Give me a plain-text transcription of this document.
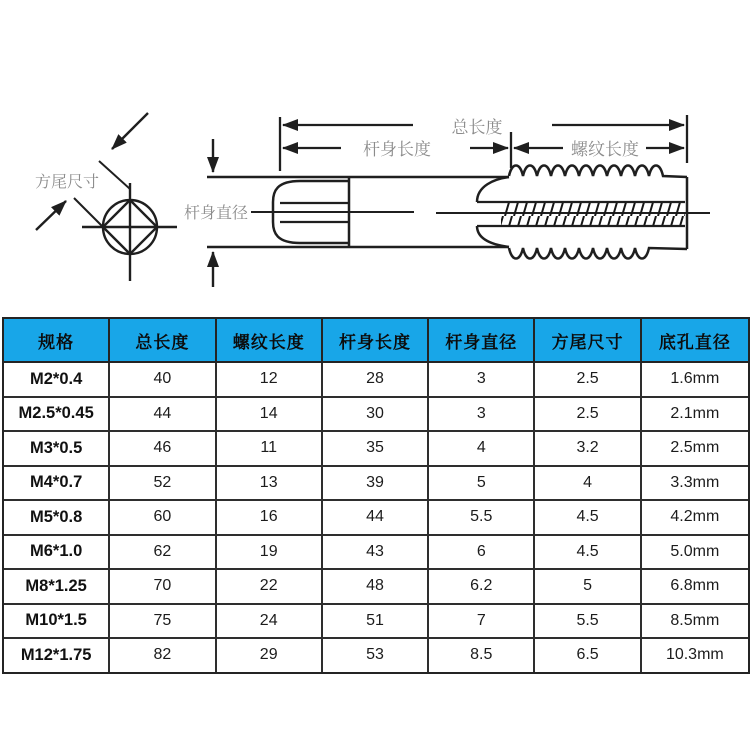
方尾尺寸
杆身直径
总长度
杆身长度	螺纹长度
规格	总长度	螺纹长度	杆身长度	杆身直径	方尾尺寸	底孔直径
M2*0.4	40	12	28	3	2.5	1.6mm
M2.5*0.45	44	14	30	3	2.5	2.1mm
M3*0.5	46	11	35	4	3.2	2.5mm
M4*0.7	52	13	39	5	4	3.3mm
M5*0.8	60	16	44	5.5	4.5	4.2mm
M6*1.0	62	19	43	6	4.5	5.0mm
M8*1.25	70	22	48	6.2	5	6.8mm
M10*1.5	75	24	51	7	5.5	8.5mm
M12*1.75	82	29	53	8.5	6.5	10.3mm
